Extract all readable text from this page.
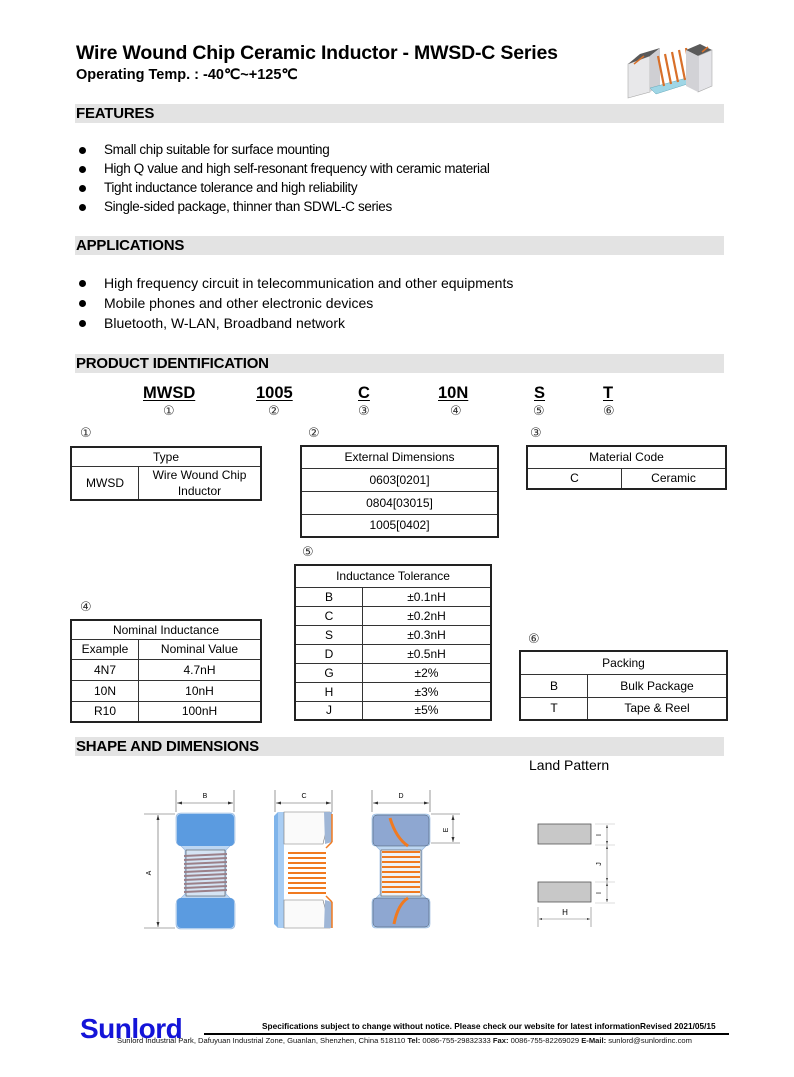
Wire Wound Chip Ceramic Inductor - MWSD-C Series
Operating Temp. : -40℃~+125℃
FEATURES
Small chip suitable for surface mounting
High Q value and high self-resonant frequency with ceramic material
Tight inductance tolerance and high reliability
Single-sided package, thinner than SDWL-C series
APPLICATIONS
High frequency circuit in telecommunication and other equipments
Mobile phones and other electronic devices
Bluetooth, W-LAN, Broadband network
PRODUCT IDENTIFICATION
MWSD
①
1005
②
C
③
10N
④
S
⑤
T
⑥
①
Type
MWSD	Wire Wound Chip Inductor
②
External Dimensions
0603[0201]
0804[03015]
1005[0402]
③
Material Code
C	Ceramic
⑤
Inductance Tolerance	
B	±0.1nH
C	±0.2nH
S	±0.3nH
D	±0.5nH
G	±2%
H	±3%
J	±5%
④
Nominal Inductance	
Example	Nominal Value
4N7	4.7nH
10N	10nH
R10	100nH
⑥
Packing	
B	Bulk Package
T	Tape & Reel
SHAPE AND DIMENSIONS
Land Pattern
B
A
C	D
E
I
J
I
H
Sunlord	Specifications subject to change without notice. Please check our website for latest information.
Revised 2021/05/15
Sunlord Industrial Park, Dafuyuan Industrial Zone, Guanlan, Shenzhen, China 518110 Tel: 0086-755-29832333 Fax: 0086-755-82269029 E-Mail: sunlord@sunlordinc.com
